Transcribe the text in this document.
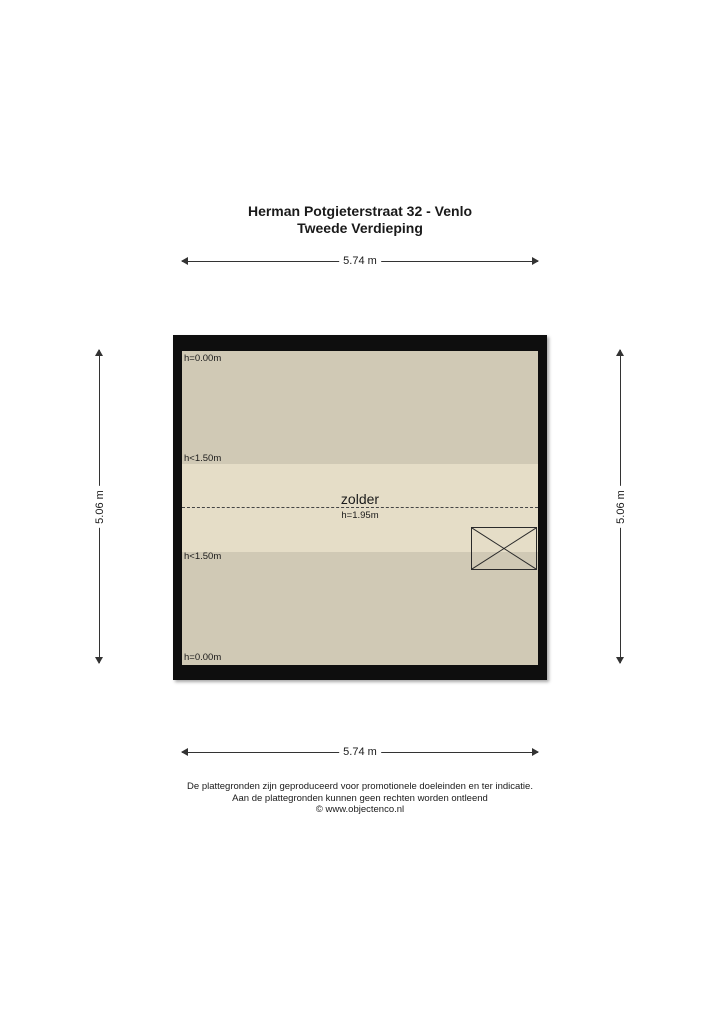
Herman Potgieterstraat 32 - Venlo
Tweede Verdieping
5.74 m
5.06 m	5.06 m
h=0.00m
h<1.50m
h<1.50m
h=0.00m
zolder
h=1.95m
5.74 m
De plattegronden zijn geproduceerd voor promotionele doeleinden en ter indicatie.
Aan de plattegronden kunnen geen rechten worden ontleend
© www.objectenco.nl
